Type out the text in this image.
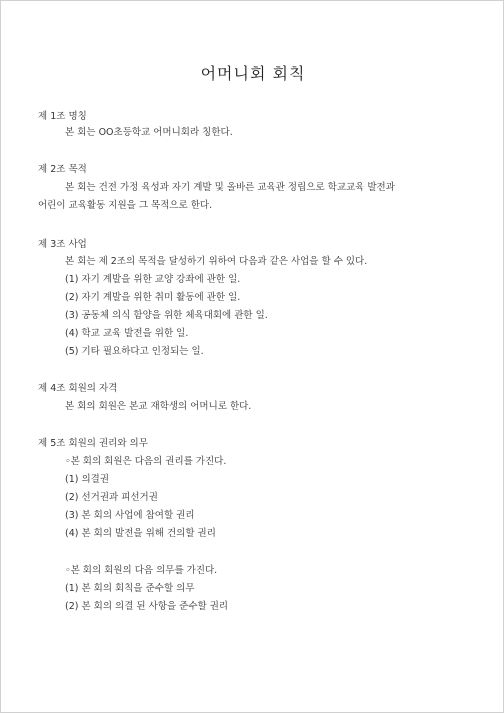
어머니회 회칙
제 1조 명칭
본 회는 OO초등학교 어머니회라 칭한다.
제 2조 목적
본 회는 건전 가정 육성과 자기 계발 및 올바른 교육관 정립으로 학교교육 발전과
어린이 교육활동 지원을 그 목적으로 한다.
제 3조 사업
본 회는 제 2조의 목적을 달성하기 위하여 다음과 같은 사업을 할 수 있다.
(1) 자기 계발을 위한 교양 강좌에 관한 일.
(2) 자기 계발을 위한 취미 활동에 관한 일.
(3) 공동체 의식 함양을 위한 체육대회에 관한 일.
(4) 학교 교육 발전을 위한 일.
(5) 기타 필요하다고 인정되는 일.
제 4조 회원의 자격
본 회의 회원은 본교 재학생의 어머니로 한다.
제 5조 회원의 권리와 의무
◦본 회의 회원은 다음의 권리를 가진다.
(1) 의결권
(2) 선거권과 피선거권
(3) 본 회의 사업에 참여할 권리
(4) 본 회의 발전을 위해 건의할 권리
◦본 회의 회원의 다음 의무를 가진다.
(1) 본 회의 회칙을 준수할 의무
(2) 본 회의 의결 된 사항을 준수할 권리
